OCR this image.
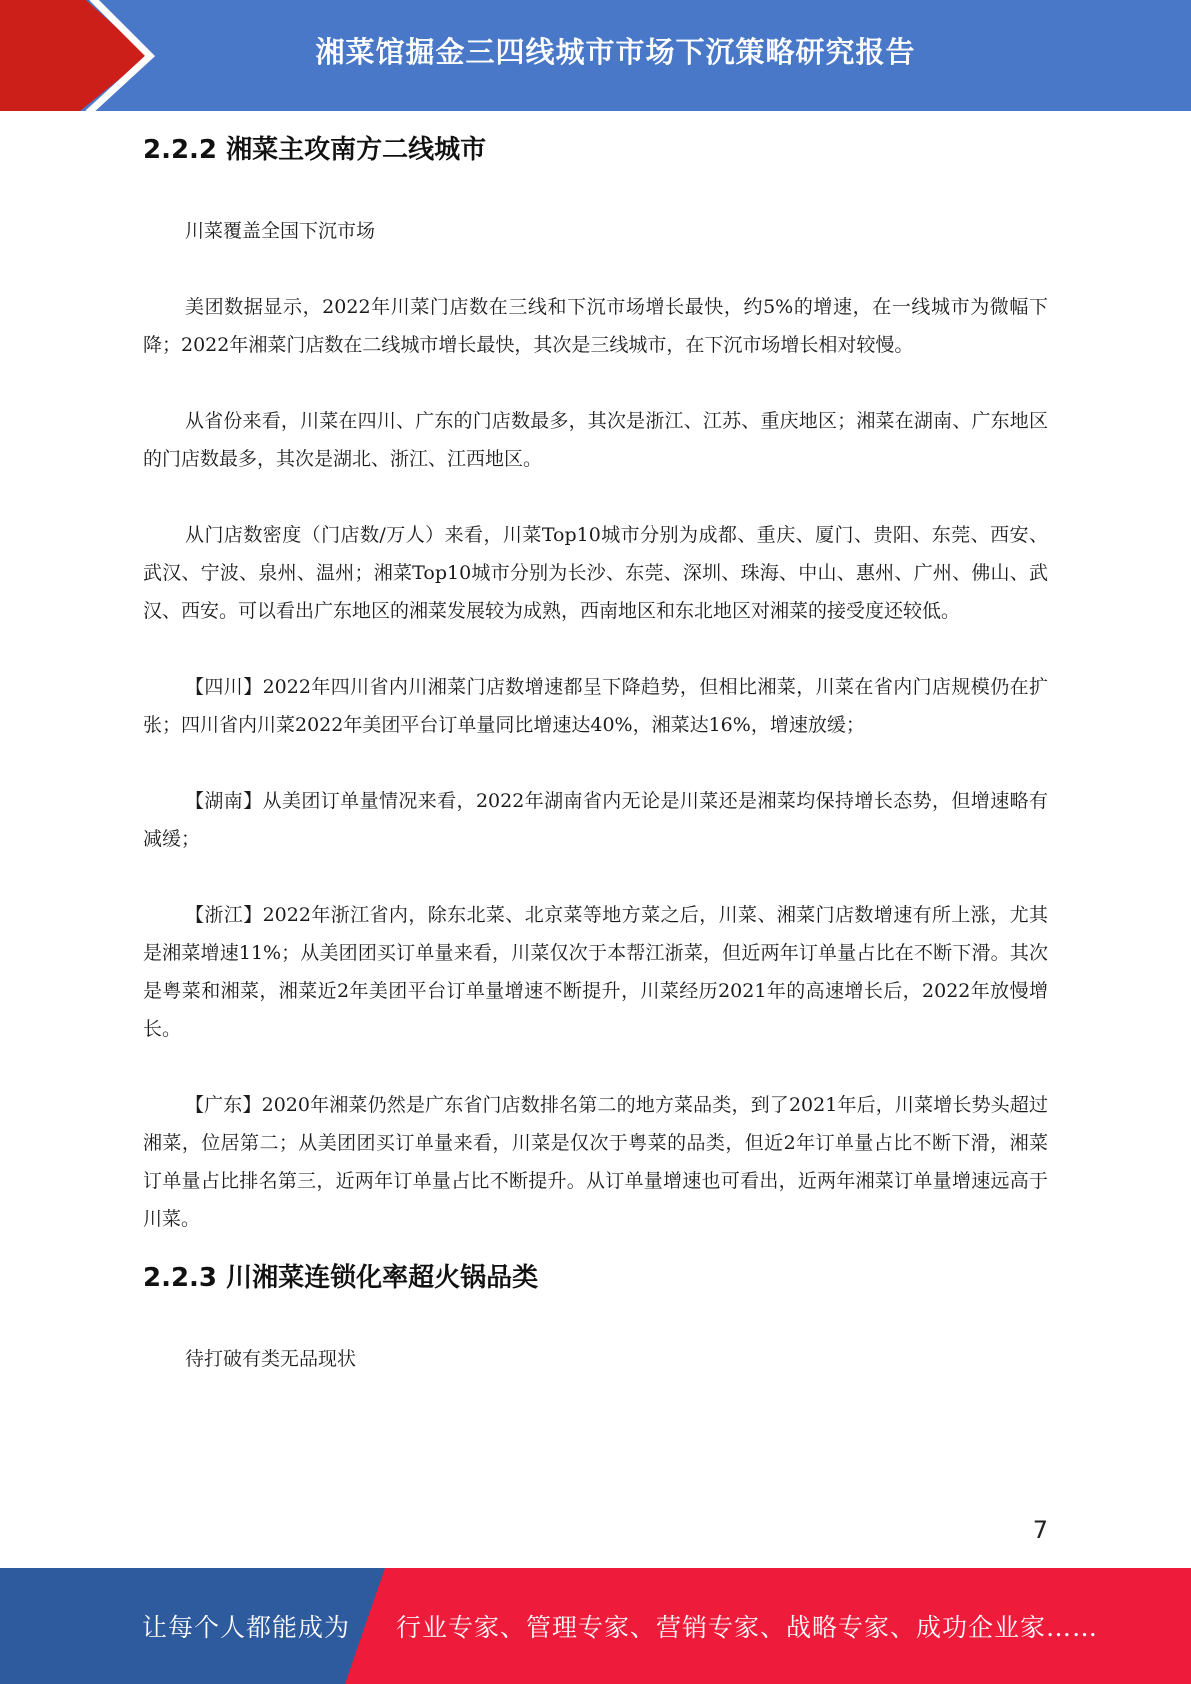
湘菜馆掘金三四线城市市场下沉策略研究报告
2.2.2 湘菜主攻南方二线城市

川菜覆盖全国下沉市场

美团数据显示，2022年川菜门店数在三线和下沉市场增长最快，约5%的增速，在一线城市为微幅下降；2022年湘菜门店数在二线城市增长最快，其次是三线城市，在下沉市场增长相对较慢。

从省份来看，川菜在四川、广东的门店数最多，其次是浙江、江苏、重庆地区；湘菜在湖南、广东地区的门店数最多，其次是湖北、浙江、江西地区。

从门店数密度（门店数/万人）来看，川菜Top10城市分别为成都、重庆、厦门、贵阳、东莞、西安、武汉、宁波、泉州、温州；湘菜Top10城市分别为长沙、东莞、深圳、珠海、中山、惠州、广州、佛山、武汉、西安。可以看出广东地区的湘菜发展较为成熟，西南地区和东北地区对湘菜的接受度还较低。

【四川】2022年四川省内川湘菜门店数增速都呈下降趋势，但相比湘菜，川菜在省内门店规模仍在扩张；四川省内川菜2022年美团平台订单量同比增速达40%，湘菜达16%，增速放缓；

【湖南】从美团订单量情况来看，2022年湖南省内无论是川菜还是湘菜均保持增长态势，但增速略有减缓；

【浙江】2022年浙江省内，除东北菜、北京菜等地方菜之后，川菜、湘菜门店数增速有所上涨，尤其是湘菜增速11%；从美团团买订单量来看，川菜仅次于本帮江浙菜，但近两年订单量占比在不断下滑。其次是粤菜和湘菜，湘菜近2年美团平台订单量增速不断提升，川菜经历2021年的高速增长后，2022年放慢增长。

【广东】2020年湘菜仍然是广东省门店数排名第二的地方菜品类，到了2021年后，川菜增长势头超过湘菜，位居第二；从美团团买订单量来看，川菜是仅次于粤菜的品类，但近2年订单量占比不断下滑，湘菜订单量占比排名第三，近两年订单量占比不断提升。从订单量增速也可看出，近两年湘菜订单量增速远高于川菜。

2.2.3 川湘菜连锁化率超火锅品类

待打破有类无品现状

7
让每个人都能成为 行业专家、管理专家、营销专家、战略专家、成功企业家……
